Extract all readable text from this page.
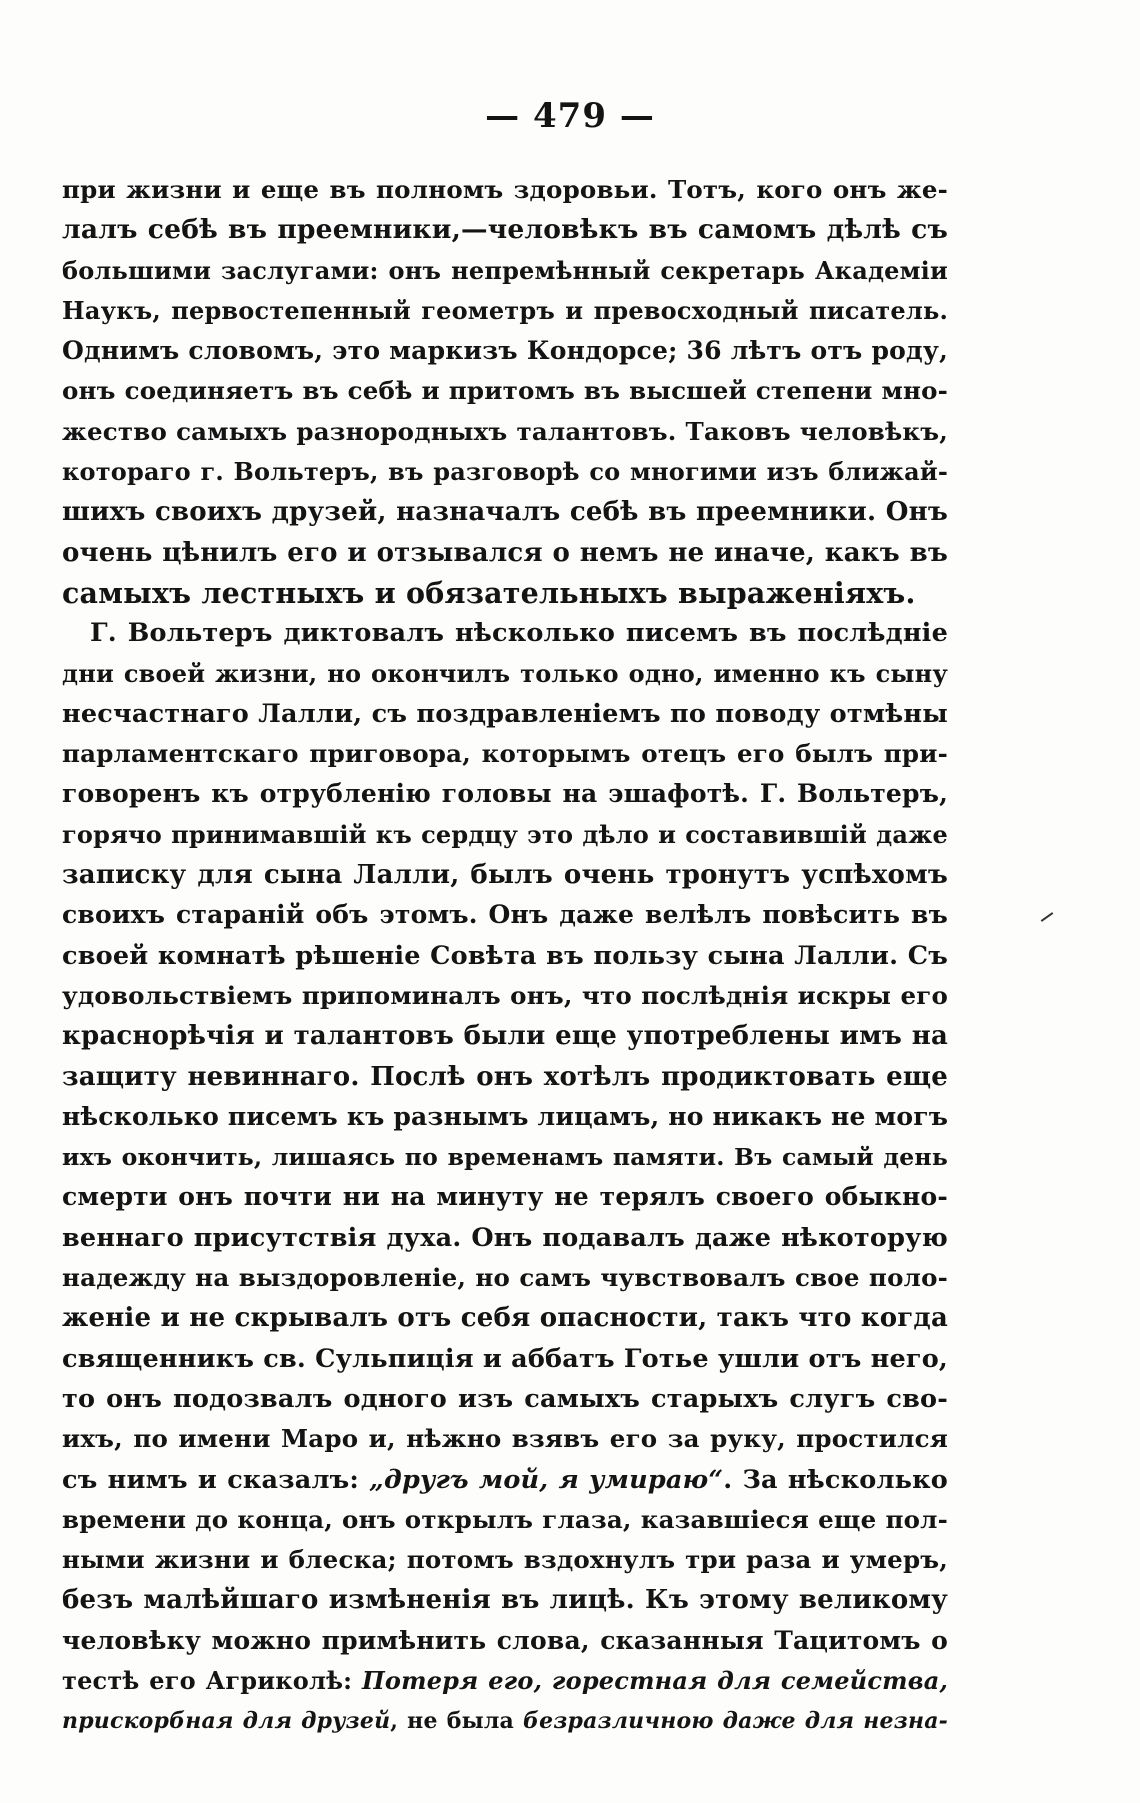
— 479 —
при жизни и еще въ полномъ здоровьи. Тотъ, кого онъ же-
лалъ себѣ въ преемники,—человѣкъ въ самомъ дѣлѣ съ
большими заслугами: онъ непремѣнный секретарь Академіи
Наукъ, первостепенный геометръ и превосходный писатель.
Однимъ словомъ, это маркизъ Кондорсе; 36 лѣтъ отъ роду,
онъ соединяетъ въ себѣ и притомъ въ высшей степени мно-
жество самыхъ разнородныхъ талантовъ. Таковъ человѣкъ,
котораго г. Вольтеръ, въ разговорѣ со многими изъ ближай-
шихъ своихъ друзей, назначалъ себѣ въ преемники. Онъ
очень цѣнилъ его и отзывался о немъ не иначе, какъ въ
самыхъ лестныхъ и обязательныхъ выраженіяхъ.
Г. Вольтеръ диктовалъ нѣсколько писемъ въ послѣдніе
дни своей жизни, но окончилъ только одно, именно къ сыну
несчастнаго Лалли, съ поздравленіемъ по поводу отмѣны
парламентскаго приговора, которымъ отецъ его былъ при-
говоренъ къ отрубленію головы на эшафотѣ. Г. Вольтеръ,
горячо принимавшій къ сердцу это дѣло и составившій даже
записку для сына Лалли, былъ очень тронутъ успѣхомъ
своихъ стараній объ этомъ. Онъ даже велѣлъ повѣсить въ
своей комнатѣ рѣшеніе Совѣта въ пользу сына Лалли. Съ
удовольствіемъ припоминалъ онъ, что послѣднія искры его
краснорѣчія и талантовъ были еще употреблены имъ на
защиту невиннаго. Послѣ онъ хотѣлъ продиктовать еще
нѣсколько писемъ къ разнымъ лицамъ, но никакъ не могъ
ихъ окончить, лишаясь по временамъ памяти. Въ самый день
смерти онъ почти ни на минуту не терялъ своего обыкно-
веннаго присутствія духа. Онъ подавалъ даже нѣкоторую
надежду на выздоровленіе, но самъ чувствовалъ свое поло-
женіе и не скрывалъ отъ себя опасности, такъ что когда
священникъ св. Сульпиція и аббатъ Готье ушли отъ него,
то онъ подозвалъ одного изъ самыхъ старыхъ слугъ сво-
ихъ, по имени Маро и, нѣжно взявъ его за руку, простился
съ нимъ и сказалъ: „другъ мой, я умираю“. За нѣсколько
времени до конца, онъ открылъ глаза, казавшіеся еще пол-
ными жизни и блеска; потомъ вздохнулъ три раза и умеръ,
безъ малѣйшаго измѣненія въ лицѣ. Къ этому великому
человѣку можно примѣнить слова, сказанныя Тацитомъ о
тестѣ его Агриколѣ: Потеря его, горестная для семейства,
прискорбная для друзей, не была безразличною даже для незна-
